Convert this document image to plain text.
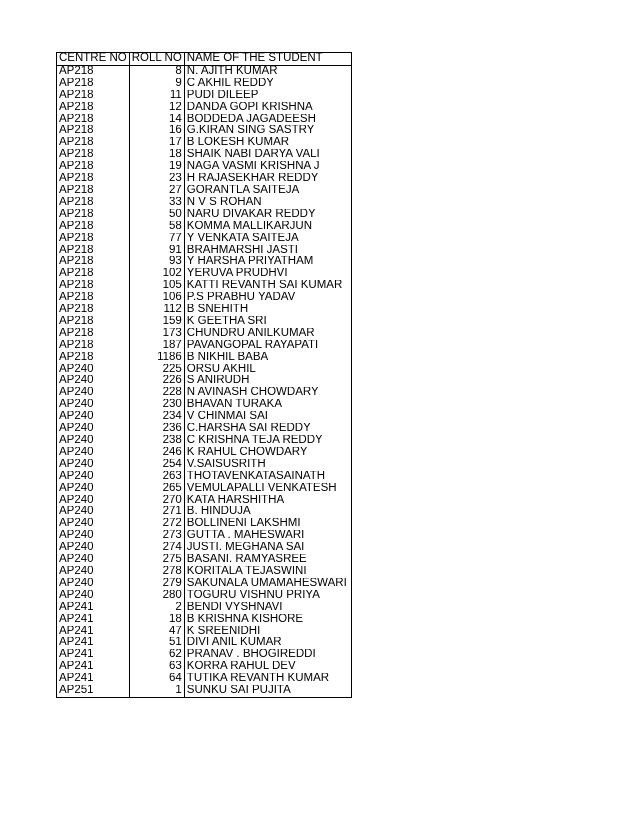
CENTRE NO	ROLL NO	NAME OF THE STUDENT
AP218	8	N. AJITH KUMAR
AP218	9	C AKHIL REDDY
AP218	11	PUDI DILEEP
AP218	12	DANDA GOPI KRISHNA
AP218	14	BODDEDA JAGADEESH
AP218	16	G.KIRAN SING SASTRY
AP218	17	B LOKESH KUMAR
AP218	18	SHAIK NABI DARYA VALI
AP218	19	NAGA VASMI KRISHNA J
AP218	23	H RAJASEKHAR REDDY
AP218	27	GORANTLA SAITEJA
AP218	33	N V S ROHAN
AP218	50	NARU DIVAKAR REDDY
AP218	58	KOMMA MALLIKARJUN
AP218	77	Y VENKATA SAITEJA
AP218	91	BRAHMARSHI JASTI
AP218	93	Y HARSHA PRIYATHAM
AP218	102	YERUVA PRUDHVI
AP218	105	KATTI REVANTH SAI KUMAR
AP218	106	P.S PRABHU YADAV
AP218	112	B SNEHITH
AP218	159	K GEETHA SRI
AP218	173	CHUNDRU ANILKUMAR
AP218	187	PAVANGOPAL RAYAPATI
AP218	1186	B NIKHIL BABA
AP240	225	ORSU AKHIL
AP240	226	S ANIRUDH
AP240	228	N AVINASH CHOWDARY
AP240	230	BHAVAN TURAKA
AP240	234	V CHINMAI SAI
AP240	236	C.HARSHA SAI REDDY
AP240	238	C KRISHNA TEJA REDDY
AP240	246	K RAHUL CHOWDARY
AP240	254	V.SAISUSRITH
AP240	263	THOTAVENKATASAINATH
AP240	265	VEMULAPALLI VENKATESH
AP240	270	KATA HARSHITHA
AP240	271	B. HINDUJA
AP240	272	BOLLINENI LAKSHMI
AP240	273	GUTTA . MAHESWARI
AP240	274	JUSTI. MEGHANA SAI
AP240	275	BASANI. RAMYASREE
AP240	278	KORITALA TEJASWINI
AP240	279	SAKUNALA UMAMAHESWARI
AP240	280	TOGURU VISHNU PRIYA
AP241	2	BENDI VYSHNAVI
AP241	18	B KRISHNA KISHORE
AP241	47	K SREENIDHI
AP241	51	DIVI ANIL KUMAR
AP241	62	PRANAV . BHOGIREDDI
AP241	63	KORRA RAHUL DEV
AP241	64	TUTIKA REVANTH KUMAR
AP251	1	SUNKU SAI PUJITA
